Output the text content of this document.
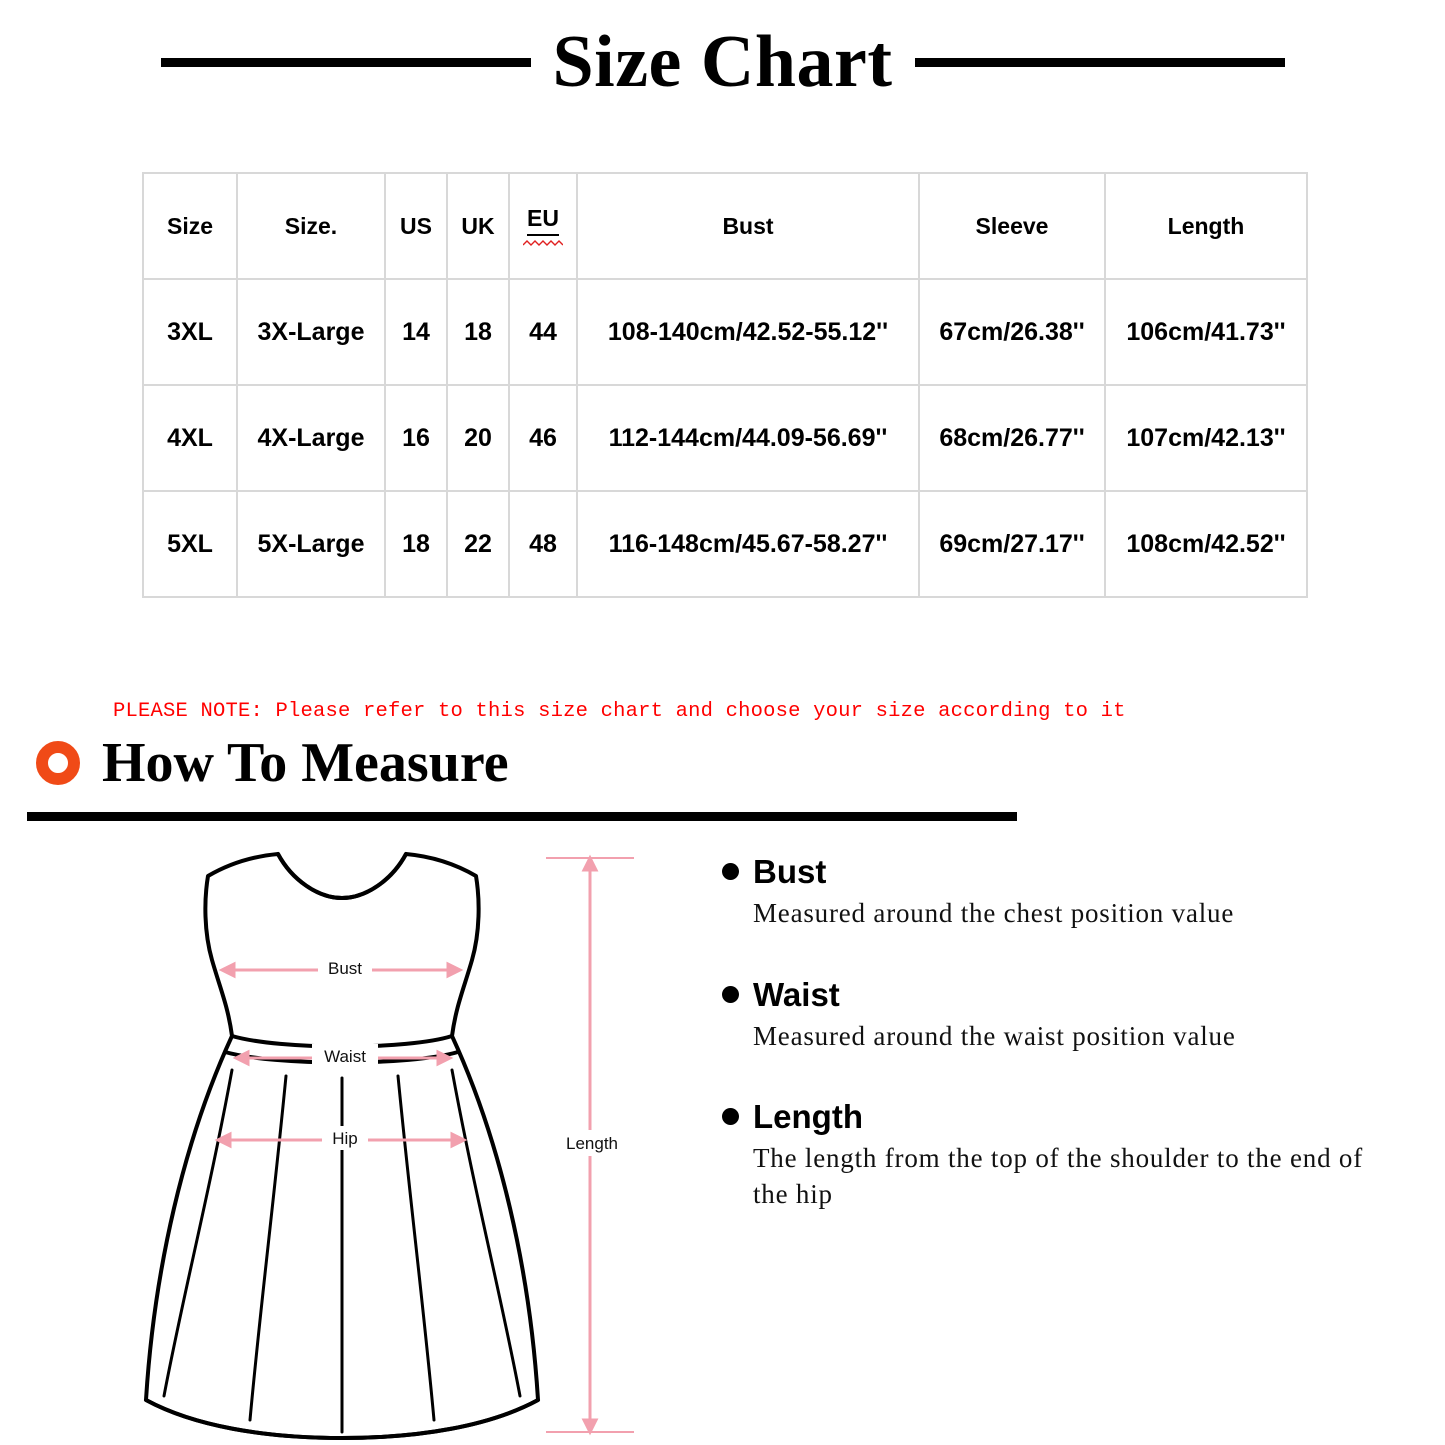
Size Chart
Size	Size.	US	UK	EU	Bust	Sleeve	Length
3XL	3X-Large	14	18	44	108-140cm/42.52-55.12''	67cm/26.38''	106cm/41.73''
4XL	4X-Large	16	20	46	112-144cm/44.09-56.69''	68cm/26.77''	107cm/42.13''
5XL	5X-Large	18	22	48	116-148cm/45.67-58.27''	69cm/27.17''	108cm/42.52''
PLEASE NOTE: Please refer to this size chart and choose your size according to it
How To Measure
Bust
Waist
Hip	Length
Bust
Measured around the chest position value
Waist
Measured around the waist position value
Length
The length from the top of the shoulder to the end of the hip
